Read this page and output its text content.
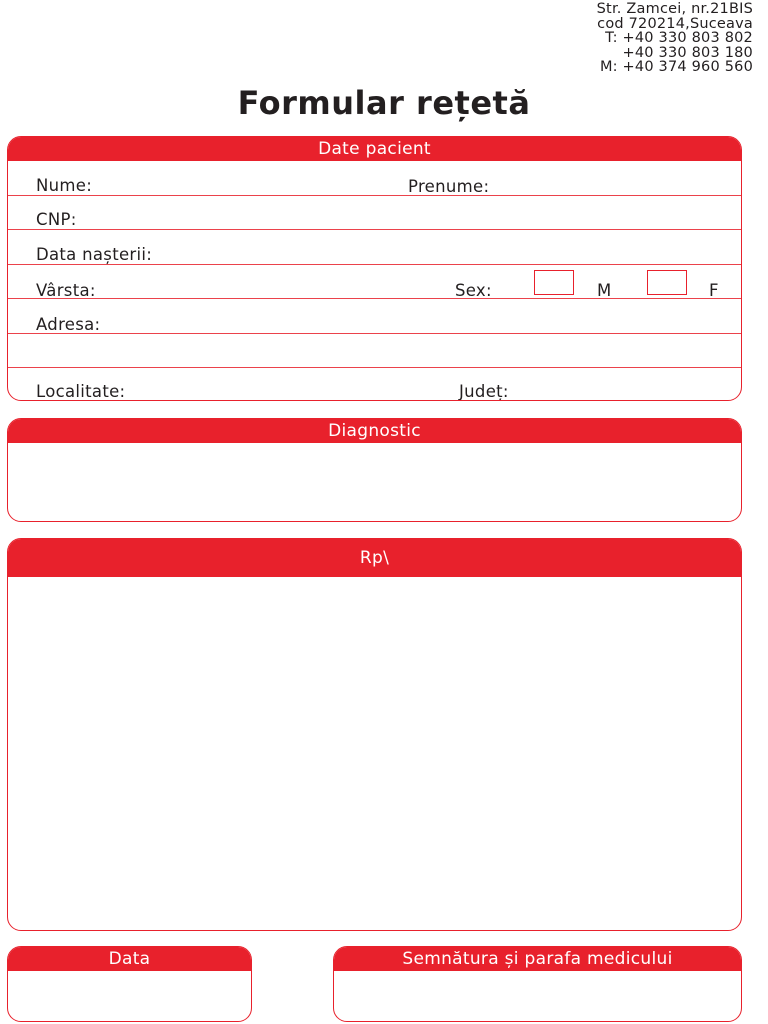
Str. Zamcei, nr.21BIS
cod 720214,Suceava
T: +40 330 803 802
+40 330 803 180
M: +40 374 960 560
Formular rețetă
Date pacient
Nume:	Prenume:
CNP:
Data nașterii:
Vârsta:	Sex:	M	F
Adresa:
Localitate:	Județ:
Diagnostic
Rp\
Data	Semnătura și parafa medicului
